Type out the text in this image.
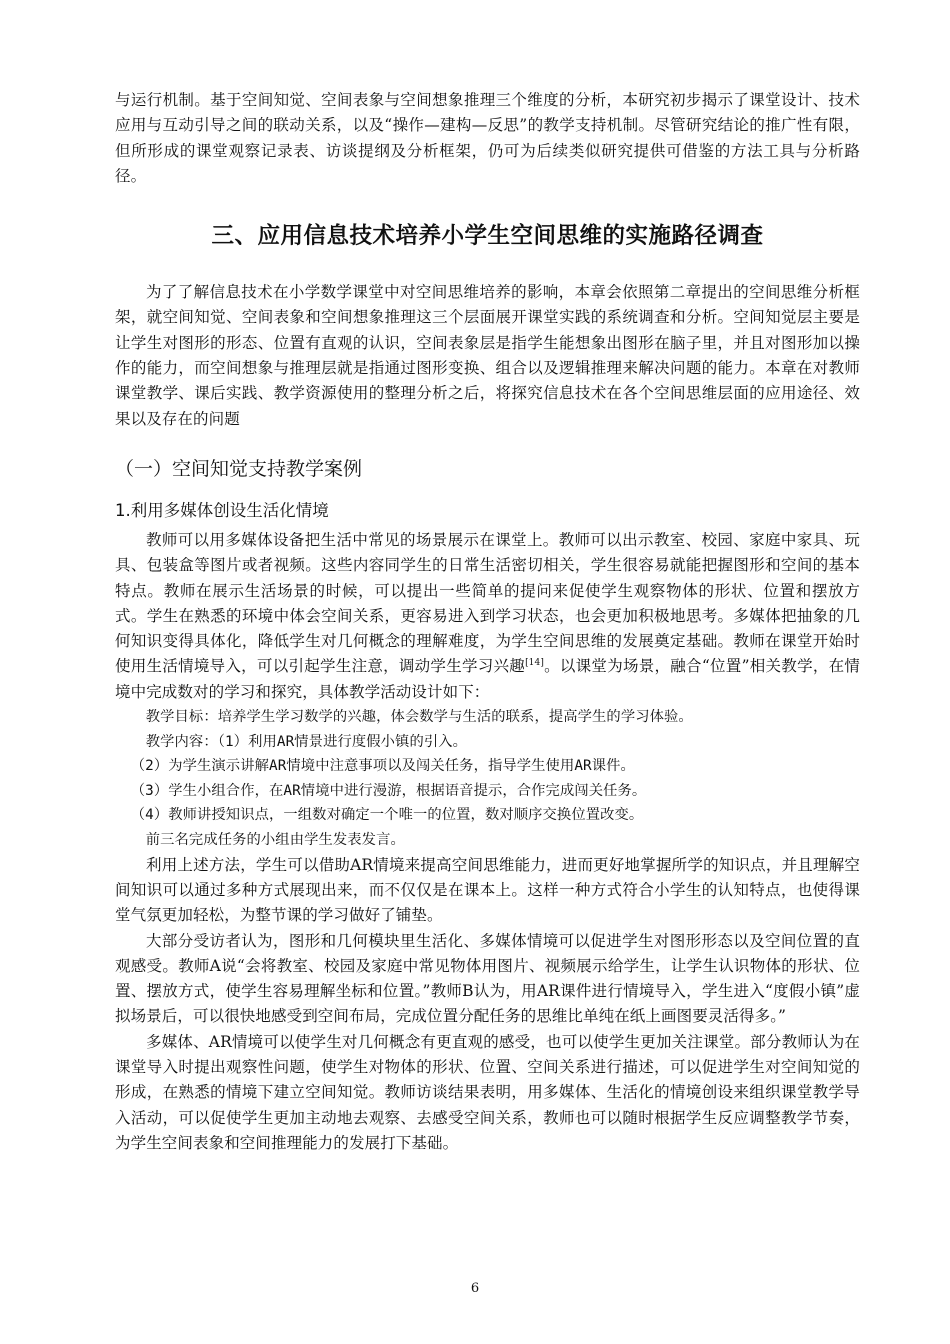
与运行机制。基于空间知觉、空间表象与空间想象推理三个维度的分析，本研究初步揭示了课堂设计、技术应用与互动引导之间的联动关系，以及“操作—建构—反思”的教学支持机制。尽管研究结论的推广性有限，但所形成的课堂观察记录表、访谈提纲及分析框架，仍可为后续类似研究提供可借鉴的方法工具与分析路径。

三、应用信息技术培养小学生空间思维的实施路径调查

为了了解信息技术在小学数学课堂中对空间思维培养的影响，本章会依照第二章提出的空间思维分析框架，就空间知觉、空间表象和空间想象推理这三个层面展开课堂实践的系统调查和分析。空间知觉层主要是让学生对图形的形态、位置有直观的认识，空间表象层是指学生能想象出图形在脑子里，并且对图形加以操作的能力，而空间想象与推理层就是指通过图形变换、组合以及逻辑推理来解决问题的能力。本章在对教师课堂教学、课后实践、教学资源使用的整理分析之后，将探究信息技术在各个空间思维层面的应用途径、效果以及存在的问题

（一）空间知觉支持教学案例
1.利用多媒体创设生活化情境

教师可以用多媒体设备把生活中常见的场景展示在课堂上。教师可以出示教室、校园、家庭中家具、玩具、包装盒等图片或者视频。这些内容同学生的日常生活密切相关，学生很容易就能把握图形和空间的基本特点。教师在展示生活场景的时候，可以提出一些简单的提问来促使学生观察物体的形状、位置和摆放方式。学生在熟悉的环境中体会空间关系，更容易进入到学习状态，也会更加积极地思考。多媒体把抽象的几何知识变得具体化，降低学生对几何概念的理解难度，为学生空间思维的发展奠定基础。教师在课堂开始时使用生活情境导入，可以引起学生注意，调动学生学习兴趣[14]。以课堂为场景，融合“位置”相关教学，在情境中完成数对的学习和探究，具体教学活动设计如下：

教学目标：培养学生学习数学的兴趣，体会数学与生活的联系，提高学生的学习体验。

教学内容：（1）利用AR情景进行度假小镇的引入。

（2）为学生演示讲解AR情境中注意事项以及闯关任务，指导学生使用AR课件。

（3）学生小组合作，在AR情境中进行漫游，根据语音提示，合作完成闯关任务。

（4）教师讲授知识点，一组数对确定一个唯一的位置，数对顺序交换位置改变。

前三名完成任务的小组由学生发表发言。

利用上述方法，学生可以借助AR情境来提高空间思维能力，进而更好地掌握所学的知识点，并且理解空间知识可以通过多种方式展现出来，而不仅仅是在课本上。这样一种方式符合小学生的认知特点，也使得课堂气氛更加轻松，为整节课的学习做好了铺垫。

大部分受访者认为，图形和几何模块里生活化、多媒体情境可以促进学生对图形形态以及空间位置的直观感受。教师A说“会将教室、校园及家庭中常见物体用图片、视频展示给学生，让学生认识物体的形状、位置、摆放方式，使学生容易理解坐标和位置。”教师B认为，用AR课件进行情境导入，学生进入“度假小镇”虚拟场景后，可以很快地感受到空间布局，完成位置分配任务的思维比单纯在纸上画图要灵活得多。”

多媒体、AR情境可以使学生对几何概念有更直观的感受，也可以使学生更加关注课堂。部分教师认为在课堂导入时提出观察性问题，使学生对物体的形状、位置、空间关系进行描述，可以促进学生对空间知觉的形成，在熟悉的情境下建立空间知觉。教师访谈结果表明，用多媒体、生活化的情境创设来组织课堂教学导入活动，可以促使学生更加主动地去观察、去感受空间关系，教师也可以随时根据学生反应调整教学节奏，为学生空间表象和空间推理能力的发展打下基础。

6
